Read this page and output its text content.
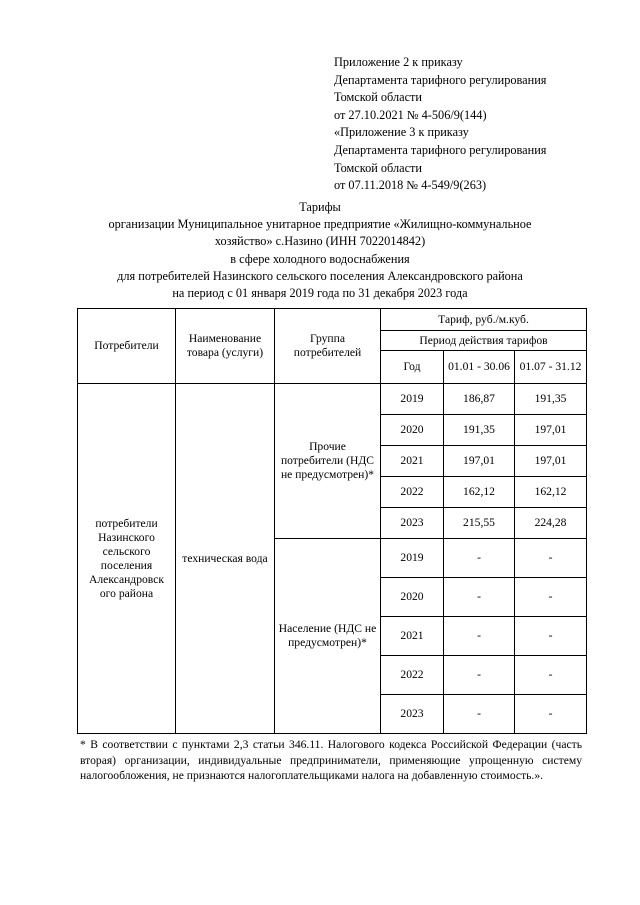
Приложение 2 к приказу
Департамента тарифного регулирования
Томской области
от 27.10.2021 № 4-506/9(144)
«Приложение 3 к приказу
Департамента тарифного регулирования
Томской области
от 07.11.2018 № 4-549/9(263)
Тарифы
организации Муниципальное унитарное предприятие «Жилищно-коммунальное
хозяйство» с.Назино (ИНН 7022014842)
в сфере холодного водоснабжения
для потребителей Назинского сельского поселения Александровского района
на период с 01 января 2019 года по 31 декабря 2023 года
Потребители	Наименование товара (услуги)	Группа потребителей	Тариф, руб./м.куб.		
			Период действия тарифов		
			Год	01.01 - 30.06	01.07 - 31.12
потребители Назинского сельского поселения Александровск ого района	техническая вода	Прочие потребители (НДС не предусмотрен)*	2019	186,87	191,35
			2020	191,35	197,01
			2021	197,01	197,01
			2022	162,12	162,12
			2023	215,55	224,28
		Население (НДС не предусмотрен)*	2019	-	-
			2020	-	-
			2021	-	-
			2022	-	-
			2023	-	-
* В соответствии с пунктами 2,3 статьи 346.11. Налогового кодекса Российской Федерации (часть вторая) организации, индивидуальные предприниматели, применяющие упрощенную систему налогообложения, не признаются налогоплательщиками налога на добавленную стоимость.».
